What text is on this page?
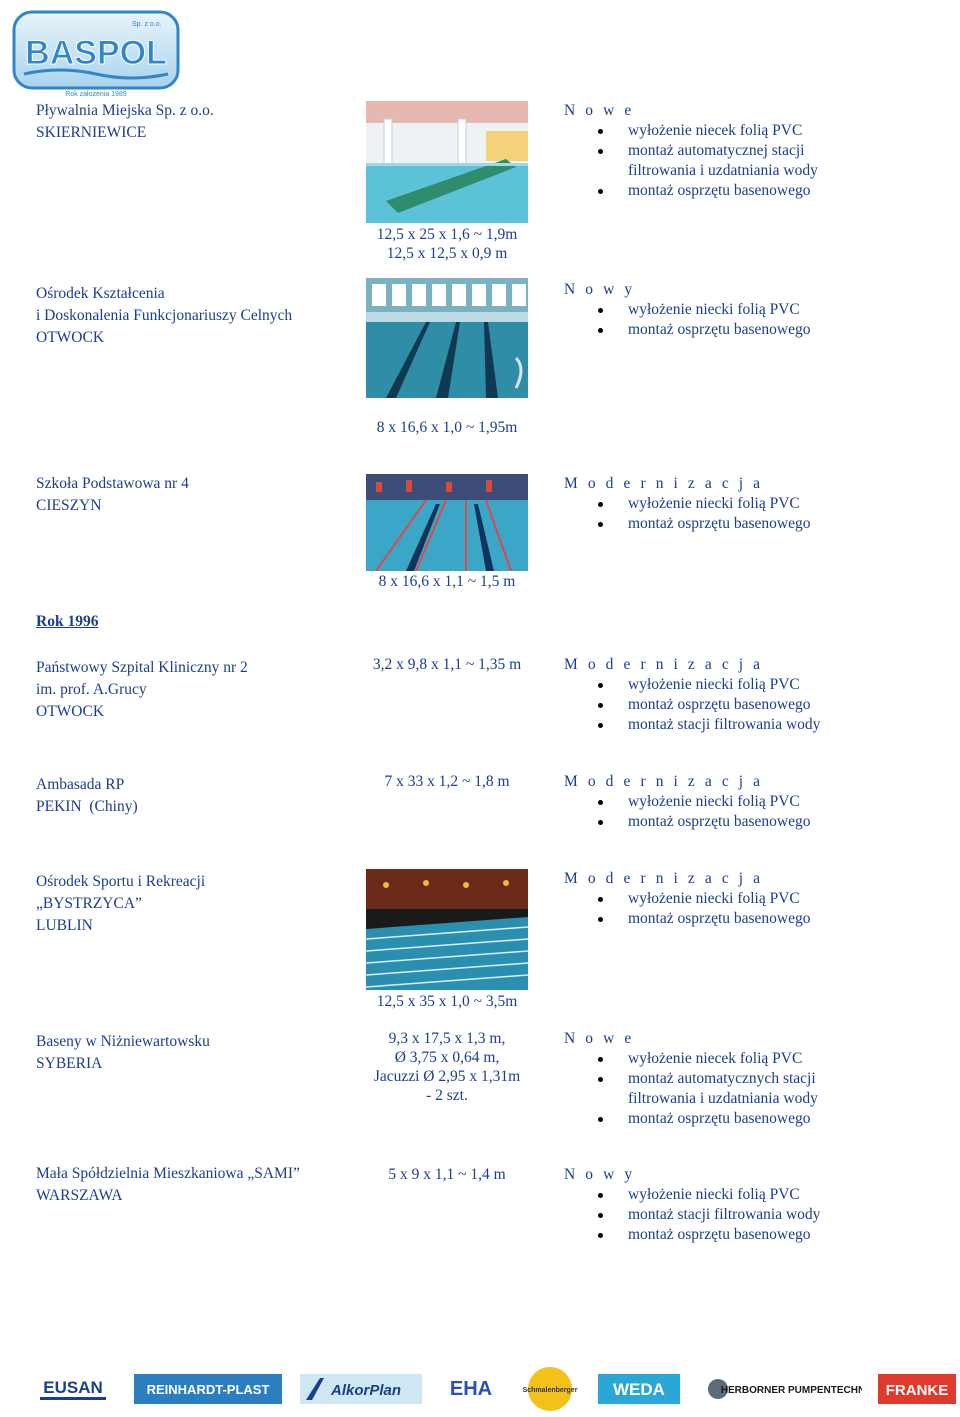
Sp. z o.o.
BASPOL
Rok założenia 1989
Pływalnia Miejska Sp. z o.o.
SKIERNIEWICE
12,5 x 25 x 1,6 ~ 1,9m
12,5 x 12,5 x 0,9 m
N o w e
wyłożenie niecek folią PVC
montaż automatycznej stacji
filtrowania i uzdatniania wody
montaż osprzętu basenowego
Ośrodek Kształcenia
i Doskonalenia Funkcjonariuszy Celnych
OTWOCK
8 x 16,6 x 1,0 ~ 1,95m
N o w y
wyłożenie niecki folią PVC
montaż osprzętu basenowego
Szkoła Podstawowa nr 4
CIESZYN
8 x 16,6 x 1,1 ~ 1,5 m
M o d e r n i z a c j a
wyłożenie niecki folią PVC
montaż osprzętu basenowego
Rok 1996
Państwowy Szpital Kliniczny nr 2
im. prof. A.Grucy
OTWOCK
3,2 x 9,8 x 1,1 ~ 1,35 m	M o d e r n i z a c j a
wyłożenie niecki folią PVC
montaż osprzętu basenowego
montaż stacji filtrowania wody
Ambasada RP
PEKIN  (Chiny)
7 x 33 x 1,2 ~ 1,8 m	M o d e r n i z a c j a
wyłożenie niecki folią PVC
montaż osprzętu basenowego
Ośrodek Sportu i Rekreacji
„BYSTRZYCA”
LUBLIN
12,5 x 35 x 1,0 ~ 3,5m
M o d e r n i z a c j a
wyłożenie niecki folią PVC
montaż osprzętu basenowego
Baseny w Niżniewartowsku
SYBERIA
9,3 x 17,5 x 1,3 m,
Ø 3,75 x 0,64 m,
Jacuzzi Ø 2,95 x 1,31m
- 2 szt.
N o w e
wyłożenie niecek folią PVC
montaż automatycznych stacji
filtrowania i uzdatniania wody
montaż osprzętu basenowego
Mała Spółdzielnia Mieszkaniowa „SAMI”
WARSZAWA
5 x 9 x 1,1 ~ 1,4 m	N o w y
wyłożenie niecki folią PVC
montaż stacji filtrowania wody
montaż osprzętu basenowego
EUSAN	REINHARDT-PLAST	AlkorPlan EHA	Schmalenberger WEDA	HERBORNER PUMPENTECHNIK FRANKE
